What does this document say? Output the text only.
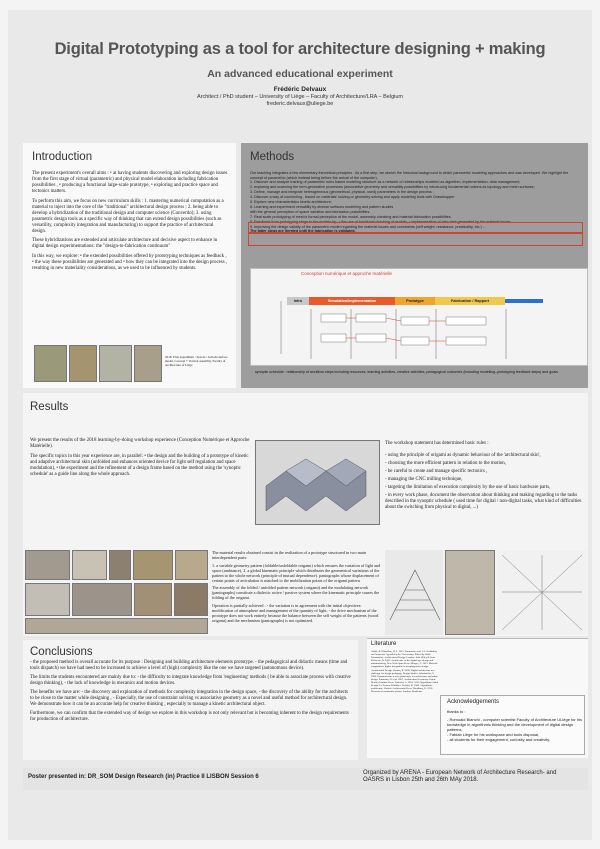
Digital Prototyping as a tool for architecture designing + making
An advanced educational experiment
Frédéric Delvaux
Architect / PhD student – University of Liège – Faculty of Architecture/LRA – Belgium
frederic.delvaux@uliege.be
Introduction

The present experiment's overall aims : • at having students discovering and exploring design issues from the first stage of virtual (parametric) and physical model elaboration including fabrication possibilities , • producing a functional large-scale prototype, • exploring and practice space and tectonics matters.

To perform this aim, we focus on new curriculum skills : 1. mastering numerical computation as a material to inject into the core of the "traditional" architectural design process ; 2. being able to develop a hybridization of the traditional design and computer science (Converdo); 3. using parametric design tools as a specific way of thinking that can extend design possibilities (such as versatility, complexity integration and manufacturing) to support the practice of architectural design.

These hybridizations are extended and articulate architecture and decisive aspect to enhance in digital design experimentations: the "design-to-fabrication continuum"

In this way, we explore: • the extended possibilities offered by prototyping techniques as feedback , • the way these possibilities are generated and • how they can be integrated into the design process , resulting in new materiality considerations, as we used to be influenced by students.

2016: First experiment : Spaces / Actions surface model. Concept + Vertical assembly. Faculty of Architecture of Liège
Methods

Our teaching integrates a few elementary theoretical principles . As a first step, we sketch the historical background to which parametric modeling approaches and was developed. We highlight the concept of parametric (which instead being before the arrival of the computer).

1. Discover and analyze training of parametric rules based modeling structure as a network of relationships modeled as algorithm, implementation, data management;

2. exploring and scanning the form-generative processes (associative geometry and versatility possibilities by introducing fundamental notions as topology and mesh surfaces;

3. Define, manage and integrate heterogeneous (geometrical, physical, used) parameters in the design process ;

4. Discover a way of connecting , based on materials' solving or geometry solving and apply modeling tools with Grasshopper

5. Explore new characteristics kinetic architecture;

6. Learning and experiment versatility by diverse surfaces modelling and pattern studies

with the general perception of space variation and fabrication possibilities.

7. Real scale prototyping of mesh's formal perception of the model, assembly checking and material fabrication possibilities.

8. Feedback from prototyping stage to the models by : • the use of functional checking of models, • implementation of new data generated by the material issues.

9. Improving the design validity of the parametric model regarding the material issues and constraints (self weight, resistance, practicality, etc.) ...

The latter steps are iterated until the fabrication is validated.

Conception numérique et approche matérielle
Intro	Simulation/implementation	Prototype	Fabrication / Rapport
synoptic schedule : relationship of workflow steps including resources, learning activities, creative activities, pedagogical outcomes (including modelling–prototyping feedback steps) and goals.
Results

We present the results of the 2018 learning-by-doing workshop experience (Conception Numérique et Approche Matérielle).

The specific topics in this year experience are, in parallel: • the design and the building of a prototype of kinetic and adaptive architectural skin (unfolded and enhances oriented device for light self regulation and space modulation), • the experiment and the refinement of a design frame based on the method using the 'synoptic schedule' as a guide line along the whole approach.

The workshop statement has determined basic rules :

- using the principle of origami as dynamic behaviour of the 'architectural skin',

- choosing the more efficient pattern in relation to the motion,

- be careful to create and manage specific tectonics ,

- managing the CNC milling technique,

- targeting the limitation of execution complexity by the use of basic hardware parts,

- in every work phase, document the observation about thinking and making regarding to the tasks described in the synoptic schedule ( used time for digital / non-digital tasks, what kind of difficulties about the switching from physical to digital, ...)

The material results obtained consist in the realization of a prototype structured in two main interdependent parts:

1. a variable geometry pattern (foldable/unfoldable origami) which ensures the variation of light and space (ambiance), 2. a global kinematic principle which distributes the geometrical variations of the pattern to the whole network (principle of mutual dependence). pantographs whose displacement of certain points of articulation is matched to the mobilization points of the origami pattern

The assembly of the folded / unfolded pattern network (origami) and the modulating network (pantographs) constitute a dialectic active / passive system where the kinematic principle causes the folding of the origami.

Operation is partially achieved : - the variation is in agreement with the initial objectives: modification of atmosphere and management of the quantity of light, - the drive mechanism of the prototype does not work entirely because the balance between the self weight of the patterns (wood origami) and the mechanism (pantographs) is not optimized.

Conclusions

- the proposed method is overall accurate for its purpose : Designing and building architecture elements prototype. - the pedagogical and didactic means (time and tools dispatch) we have had need to be increased to achieve a level of (high) complexity like the one we have targeted (autonomous device).

The limits the students encountered are mainly due to: - the difficulty to integrate knowledge from 'engineering' methods ( be able to associate process with creative design thinking), - the lack of knowledge in mecanics and motion devices.

The benefits we have are: - the discovery and exploration of methods for complexity integration in the design space, - the discovery of the ability for the architects to be close to the matter while designing , - Especially, the use of constraint solving vs associative geometry as a novel and useful method for architectural design. We demonstrate how it can be an accurate help for creative thinking , especially to manage a kinetic architectural object.

Furthermore, we can confirm that the extended way of design we explore in this workshop is not only relevant but is becoming inherent to the design requirements for production of architecture.

Literature
Abitik, B. Elbazilian, H. L. 2015. Parametric cost: 2.0. Scalability for Parametric Agenda for the 21st century. Edited by Ralfo Schumacher. Architectural Design. London: John Wiley & Sons. Kolarevic, B. 2003. Architecture in the digital age: design and manufacturing. New York: Spon Press. Menges, A. 2012. Material computation: higher integration in morphogenetic design. Architectural Design. Oxman, R. 2008. Digital architecture as a challenge for design pedagogy. Design Studies. Schumacher, P. 2009. Parametricism: a new global style for architecture and urban design. Pottmann, H. et al. 2007. Architectural Geometry. Exton: Bentley Institute Press. Tedeschi, A. 2014. AAD Algorithms-Aided Design. Le Penseur Publisher. Terzidis, K. 2006. Algorithmic architecture. Oxford: Architectural Press. Woodbury, R. 2010. Elements of parametric design. London: Routledge.
Acknowledgements
thanks to :
- Romuald Bianchi - computer scientist Faculty of Architecture ULiège for his knowledge in algorithmic thinking and the development of digital design patterns,
- Fablab Liège for his workspace and tools disposal,
- all students for their engagement, curiosity and creativity.
Poster presented in: DR_SOM Design Research (in) Practice II LISBON Session 6
Organized by ARENA - European Network of Architecture Research- and
OASRS in Lisbon 25th and 26th MAy 2018.
